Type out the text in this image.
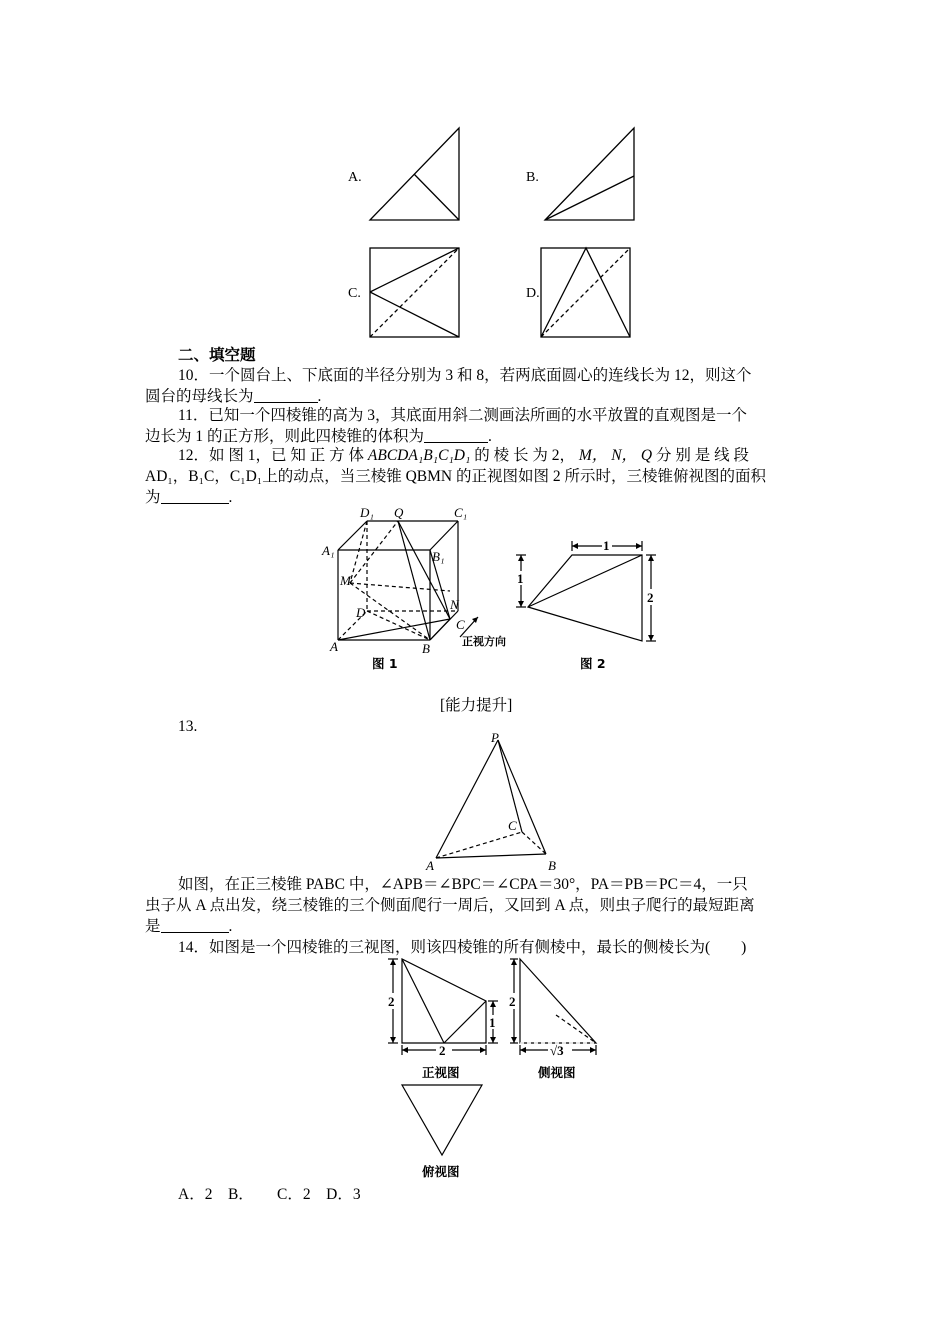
A.	B.
C.	D.
二、填空题
10．一个圆台上、下底面的半径分别为 3 和 8，若两底面圆心的连线长为 12，则这个
圆台的母线长为	.
11．已知一个四棱锥的高为 3，其底面用斜二测画法所画的水平放置的直观图是一个
边长为 1 的正方形，则此四棱锥的体积为	.
12．如 图 1，已 知 正 方 体 ABCDA₁B₁C₁D₁ 的 棱 长 为 2， M， N， Q 分 别 是 线 段
AD₁，B₁C，C₁D₁上的动点，当三棱锥 QBMN 的正视图如图 2 所示时，三棱锥俯视图的面积
为	.
D₁ Q	C₁
A₁	B₁
M
N
D
C
A	B	正视方向
图 1
1
1
2
图 2
[能力提升]
13.
P
C
A	B
如图，在正三棱锥 PABC 中，∠APB＝∠BPC＝∠CPA＝30°，PA＝PB＝PC＝4，一只
虫子从 A 点出发，绕三棱锥的三个侧面爬行一周后，又回到 A 点，则虫子爬行的最短距离
是	.
14．如图是一个四棱锥的三视图，则该四棱锥的所有侧棱中，最长的侧棱长为(　　)
2
1
2
2
√3
正视图	侧视图
俯视图
A．2　B．　　C．2　D．3
